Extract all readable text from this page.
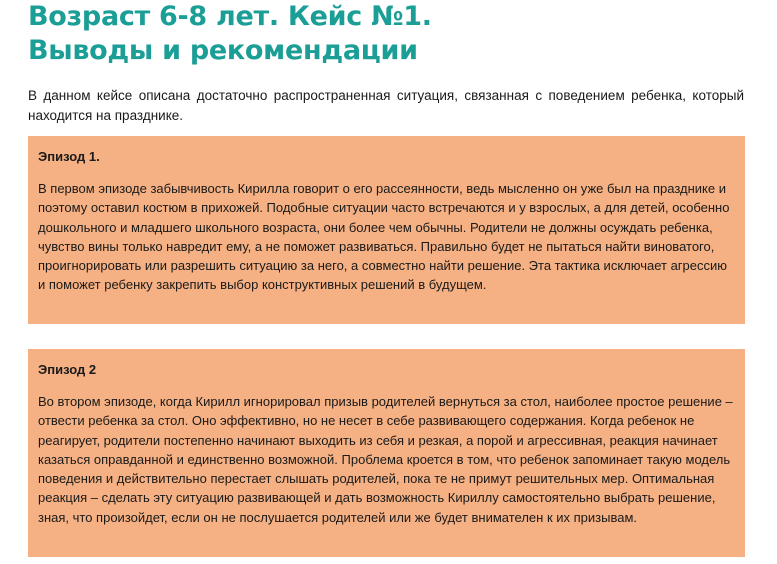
Возраст 6-8 лет. Кейс №1.
Выводы и рекомендации

В данном кейсе описана достаточно распространенная ситуация, связанная с поведением ребенка, который находится на празднике.

Эпизод 1.

В первом эпизоде забывчивость Кирилла говорит о его рассеянности, ведь мысленно он уже был на празднике и поэтому оставил костюм в прихожей. Подобные ситуации часто встречаются и у взрослых, а для детей, особенно дошкольного и младшего школьного возраста, они более чем обычны. Родители не должны осуждать ребенка, чувство вины только навредит ему, а не поможет развиваться. Правильно будет не пытаться найти виноватого, проигнорировать или разрешить ситуацию за него, а совместно найти решение. Эта тактика исключает агрессию и поможет ребенку закрепить выбор конструктивных решений в будущем.

Эпизод 2

Во втором эпизоде, когда Кирилл игнорировал призыв родителей вернуться за стол, наиболее простое решение – отвести ребенка за стол. Оно эффективно, но не несет в себе развивающего содержания. Когда ребенок не реагирует, родители постепенно начинают выходить из себя и резкая, а порой и агрессивная, реакция начинает казаться оправданной и единственно возможной. Проблема кроется в том, что ребенок запоминает такую модель поведения и действительно перестает слышать родителей, пока те не примут решительных мер. Оптимальная реакция – сделать эту ситуацию развивающей и дать возможность Кириллу самостоятельно выбрать решение, зная, что произойдет, если он не послушается родителей или же будет внимателен к их призывам.
